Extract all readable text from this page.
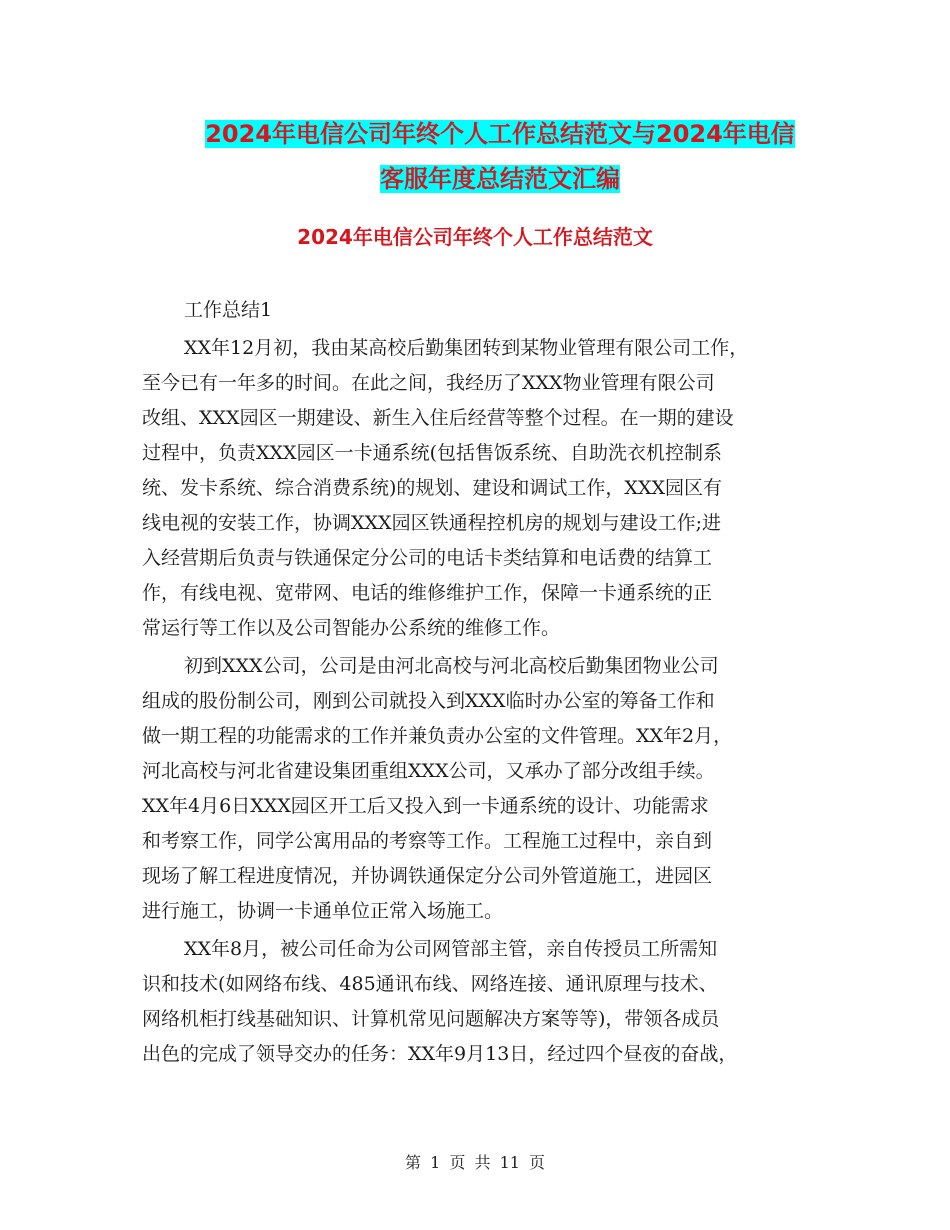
2024年电信公司年终个人工作总结范文与2024年电信
客服年度总结范文汇编
2024年电信公司年终个人工作总结范文
工作总结1
XX年12月初，我由某高校后勤集团转到某物业管理有限公司工作，
至今已有一年多的时间。在此之间，我经历了XXX物业管理有限公司
改组、XXX园区一期建设、新生入住后经营等整个过程。在一期的建设
过程中，负责XXX园区一卡通系统(包括售饭系统、自助洗衣机控制系
统、发卡系统、综合消费系统)的规划、建设和调试工作，XXX园区有
线电视的安装工作，协调XXX园区铁通程控机房的规划与建设工作;进
入经营期后负责与铁通保定分公司的电话卡类结算和电话费的结算工
作，有线电视、宽带网、电话的维修维护工作，保障一卡通系统的正
常运行等工作以及公司智能办公系统的维修工作。
初到XXX公司，公司是由河北高校与河北高校后勤集团物业公司
组成的股份制公司，刚到公司就投入到XXX临时办公室的筹备工作和
做一期工程的功能需求的工作并兼负责办公室的文件管理。XX年2月，
河北高校与河北省建设集团重组XXX公司，又承办了部分改组手续。
XX年4月6日XXX园区开工后又投入到一卡通系统的设计、功能需求
和考察工作，同学公寓用品的考察等工作。工程施工过程中，亲自到
现场了解工程进度情况，并协调铁通保定分公司外管道施工，进园区
进行施工，协调一卡通单位正常入场施工。
XX年8月，被公司任命为公司网管部主管，亲自传授员工所需知
识和技术(如网络布线、485通讯布线、网络连接、通讯原理与技术、
网络机柜打线基础知识、计算机常见问题解决方案等等)，带领各成员
出色的完成了领导交办的任务：XX年9月13日，经过四个昼夜的奋战，
第 1 页 共 11 页
